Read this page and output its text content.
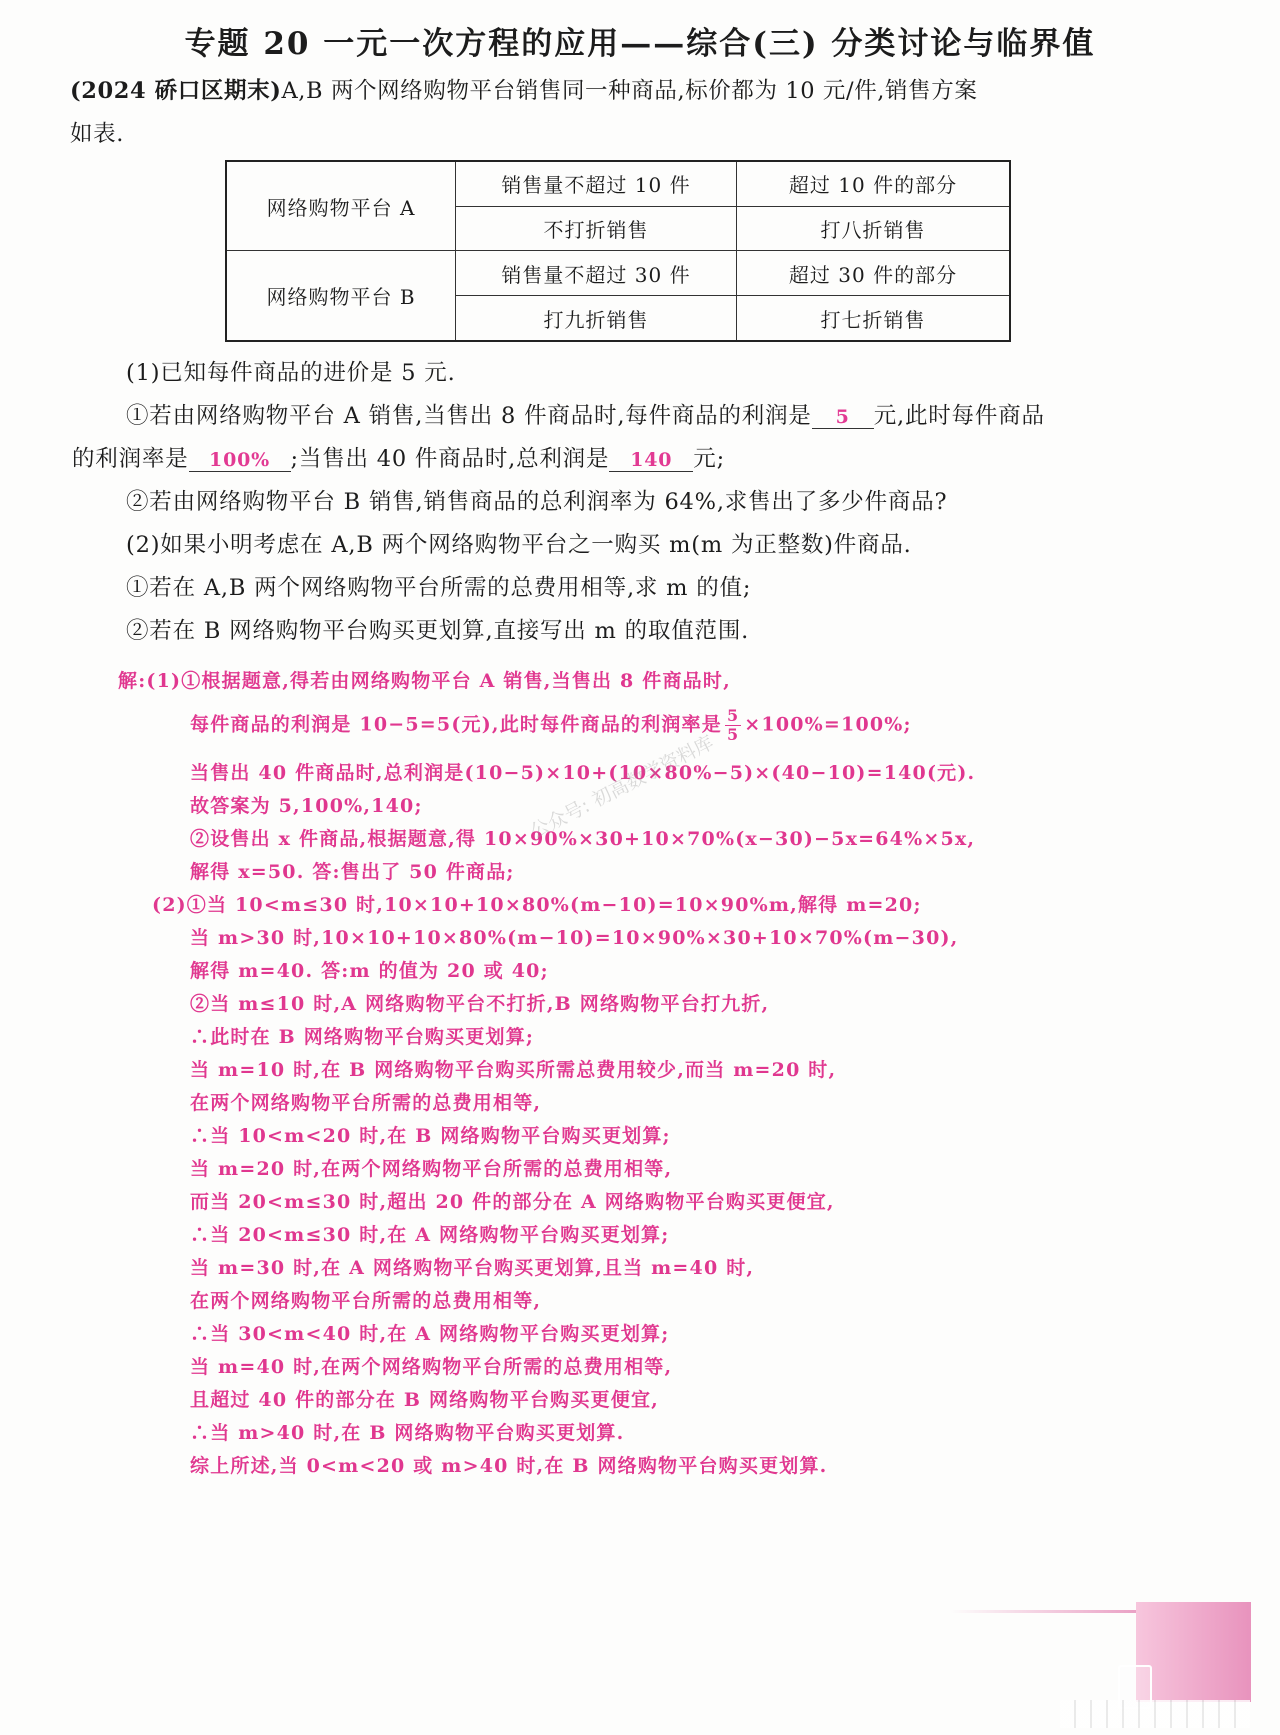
专题 20 一元一次方程的应用——综合(三) 分类讨论与临界值
(2024 硚口区期末)A,B 两个网络购物平台销售同一种商品,标价都为 10 元/件,销售方案
如表.
网络购物平台 A	销售量不超过 10 件	超过 10 件的部分
	不打折销售	打八折销售
网络购物平台 B	销售量不超过 30 件	超过 30 件的部分
	打九折销售	打七折销售
(1)已知每件商品的进价是 5 元.
①若由网络购物平台 A 销售,当售出 8 件商品时,每件商品的利润是 5 元,此时每件商品
的利润率是 100% ;当售出 40 件商品时,总利润是 140 元;
②若由网络购物平台 B 销售,销售商品的总利润率为 64%,求售出了多少件商品?
(2)如果小明考虑在 A,B 两个网络购物平台之一购买 m(m 为正整数)件商品.
①若在 A,B 两个网络购物平台所需的总费用相等,求 m 的值;
②若在 B 网络购物平台购买更划算,直接写出 m 的取值范围.
解:(1)①根据题意,得若由网络购物平台 A 销售,当售出 8 件商品时,
每件商品的利润是 10−5=5(元),此时每件商品的利润率是 $\frac{5}{5} \times 100\%=100\%$;
当售出 40 件商品时,总利润是(10−5)×10+(10×80%−5)×(40−10)=140(元).
故答案为 5,100%,140;
②设售出 x 件商品,根据题意,得 10×90%×30+10×70%(x−30)−5x=64%×5x,
解得 x=50. 答:售出了 50 件商品;
(2)①当 10<m≤30 时,10×10+10×80%(m−10)=10×90%m,解得 m=20;
当 m>30 时,10×10+10×80%(m−10)=10×90%×30+10×70%(m−30),
解得 m=40. 答:m 的值为 20 或 40;
②当 m≤10 时,A 网络购物平台不打折,B 网络购物平台打九折,
∴此时在 B 网络购物平台购买更划算;
当 m=10 时,在 B 网络购物平台购买所需总费用较少,而当 m=20 时,
在两个网络购物平台所需的总费用相等,
∴当 10<m<20 时,在 B 网络购物平台购买更划算;
当 m=20 时,在两个网络购物平台所需的总费用相等,
而当 20<m≤30 时,超出 20 件的部分在 A 网络购物平台购买更便宜,
∴当 20<m≤30 时,在 A 网络购物平台购买更划算;
当 m=30 时,在 A 网络购物平台购买更划算,且当 m=40 时,
在两个网络购物平台所需的总费用相等,
∴当 30<m<40 时,在 A 网络购物平台购买更划算;
当 m=40 时,在两个网络购物平台所需的总费用相等,
且超过 40 件的部分在 B 网络购物平台购买更便宜,
∴当 m>40 时,在 B 网络购物平台购买更划算.
综上所述,当 0<m<20 或 m>40 时,在 B 网络购物平台购买更划算.
公众号: 初高数学资料库
